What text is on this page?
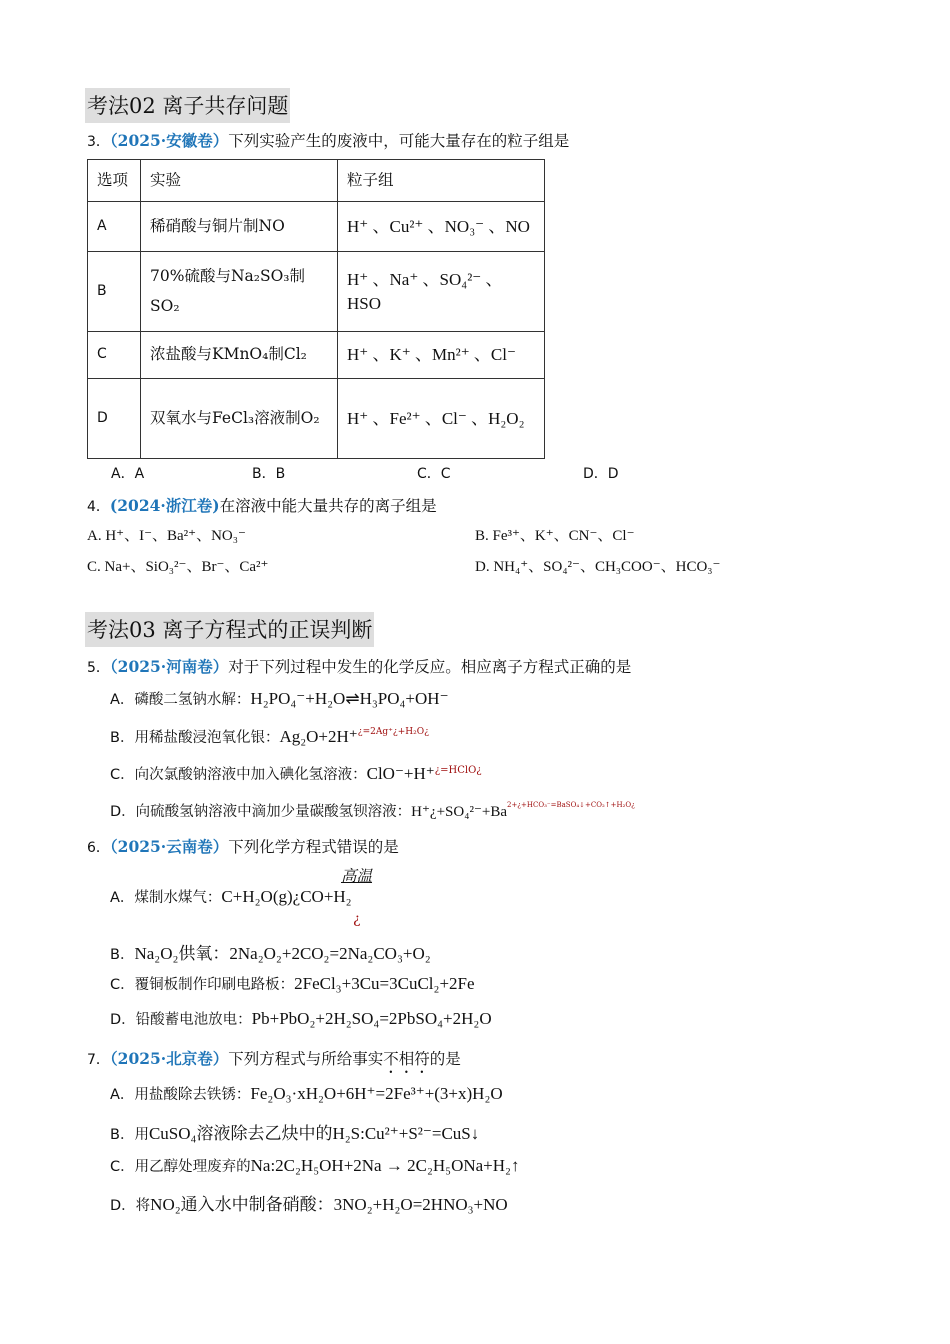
考法02 离子共存问题
3．（2025·安徽卷）下列实验产生的废液中，可能大量存在的粒子组是
选项	实验	粒子组
A	稀硝酸与铜片制NO	H⁺ 、Cu²⁺ 、NO₃⁻ 、NO
B	70%硫酸与Na₂SO₃制SO₂	H⁺ 、Na⁺ 、SO₄²⁻ 、HSO
C	浓盐酸与KMnO₄制Cl₂	H⁺ 、K⁺ 、Mn²⁺ 、Cl⁻
D	双氧水与FeCl₃溶液制O₂	H⁺ 、Fe²⁺ 、Cl⁻ 、H₂O₂
A．A	B．B	C．C	D．D
4．(2024·浙江卷)在溶液中能大量共存的离子组是
A. H⁺、I⁻、Ba²⁺、NO₃⁻	B. Fe³⁺、K⁺、CN⁻、Cl⁻
C. Na+、SiO₃²⁻、Br⁻、Ca²⁺	D. NH₄⁺、SO₄²⁻、CH₃COO⁻、HCO₃⁻
考法03 离子方程式的正误判断
5．（2025·河南卷）对于下列过程中发生的化学反应。相应离子方程式正确的是
A．磷酸二氢钠水解：H₂PO₄⁻+H₂O⇌H₃PO₄+OH⁻
B．用稀盐酸浸泡氧化银：Ag₂O+2H⁺$^{¿=2Ag^+¿+H_2O¿}$
C．向次氯酸钠溶液中加入碘化氢溶液：ClO⁻+H⁺$^{¿=HClO¿}$
D．向硫酸氢钠溶液中滴加少量碳酸氢钡溶液：$H^+¿+SO_4^{2-}+Ba^{2+¿+HCO_3^-=BaSO_4↓+CO_2↑+H_2O¿}$
6．（2025·云南卷）下列化学方程式错误的是
高温
A．煤制水煤气：C+H₂O(g)¿CO+H₂
¿
B．Na₂O₂供氧：2Na₂O₂+2CO₂=2Na₂CO₃+O₂
C．覆铜板制作印刷电路板：2FeCl₃+3Cu=3CuCl₂+2Fe
D．铅酸蓄电池放电：Pb+PbO₂+2H₂SO₄=2PbSO₄+2H₂O
7．（2025·北京卷）下列方程式与所给事实不相符的是
A．用盐酸除去铁锈：Fe₂O₃·xH₂O+6H⁺=2Fe³⁺+(3+x)H₂O
B．用CuSO₄溶液除去乙炔中的H₂S:Cu²⁺+S²⁻=CuS↓
C．用乙醇处理废弃的Na:2C₂H₅OH+2Na → 2C₂H₅ONa+H₂↑
D．将NO₂通入水中制备硝酸：3NO₂+H₂O=2HNO₃+NO
